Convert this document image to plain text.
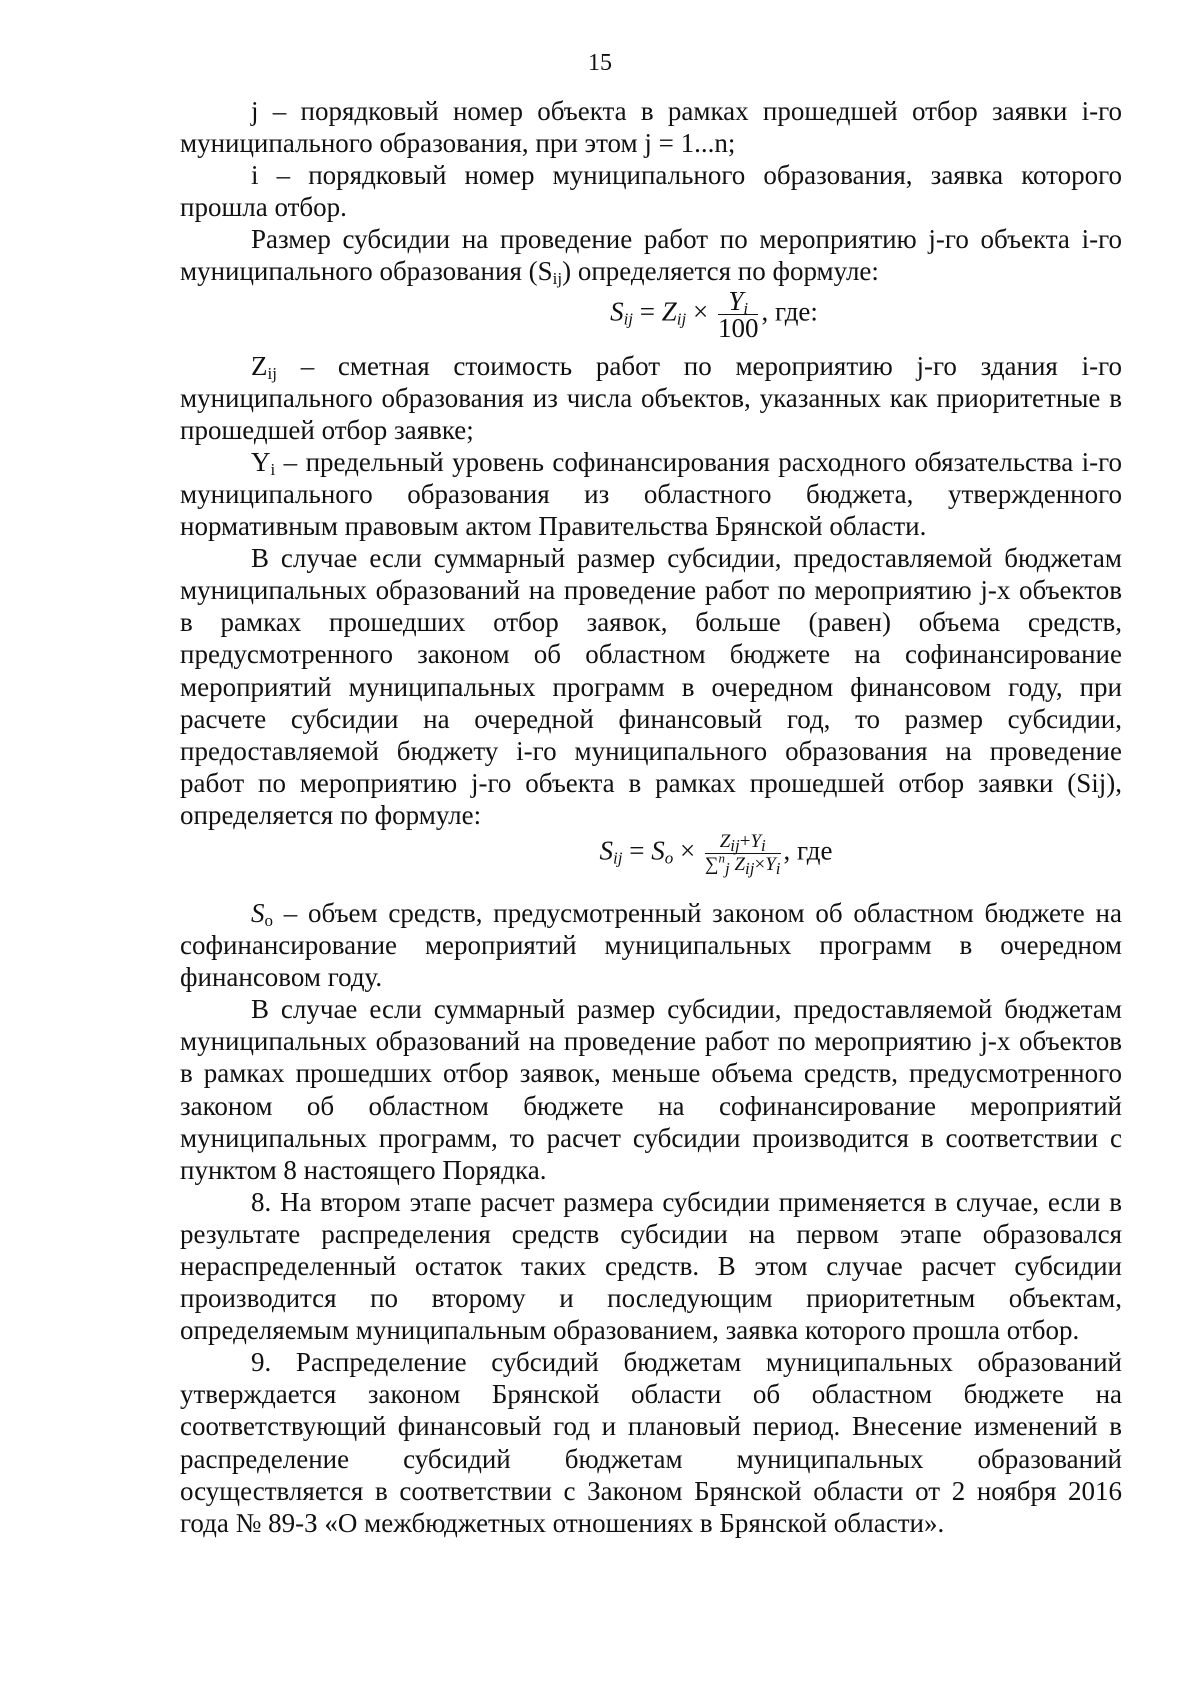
15

j – порядковый номер объекта в рамках прошедшей отбор заявки i-го муниципального образования, при этом j = 1...n;

i – порядковый номер муниципального образования, заявка которого прошла отбор.

Размер субсидии на проведение работ по мероприятию j-го объекта i-го муниципального образования $(S_{ij})$ определяется по формуле:

$S_{ij} = Z_{ij} \times \frac{Y_i}{100}$ , где:

$Z_{ij}$ – сметная стоимость работ по мероприятию j-го здания i-го муниципального образования из числа объектов, указанных как приоритетные в прошедшей отбор заявке;

$Y_i$ – предельный уровень софинансирования расходного обязательства i-го муниципального образования из областного бюджета, утвержденного нормативным правовым актом Правительства Брянской области.

В случае если суммарный размер субсидии, предоставляемой бюджетам муниципальных образований на проведение работ по мероприятию j-х объектов в рамках прошедших отбор заявок, больше (равен) объема средств, предусмотренного законом об областном бюджете на софинансирование мероприятий муниципальных программ в очередном финансовом году, при расчете субсидии на очередной финансовый год, то размер субсидии, предоставляемой бюджету i-го муниципального образования на проведение работ по мероприятию j-го объекта в рамках прошедшей отбор заявки (Sij), определяется по формуле:

$S_{ij} = S_o \times \frac{Z_{ij}+Y_i}{\sum^n_j Z_{ij}\times Y_i}$ , где

$S_o$ – объем средств, предусмотренный законом об областном бюджете на софинансирование мероприятий муниципальных программ в очередном финансовом году.

В случае если суммарный размер субсидии, предоставляемой бюджетам муниципальных образований на проведение работ по мероприятию j-х объектов в рамках прошедших отбор заявок, меньше объема средств, предусмотренного законом об областном бюджете на софинансирование мероприятий муниципальных программ, то расчет субсидии производится в соответствии с пунктом 8 настоящего Порядка.

8. На втором этапе расчет размера субсидии применяется в случае, если в результате распределения средств субсидии на первом этапе образовался нераспределенный остаток таких средств. В этом случае расчет субсидии производится по второму и последующим приоритетным объектам, определяемым муниципальным образованием, заявка которого прошла отбор.

9. Распределение субсидий бюджетам муниципальных образований утверждается законом Брянской области об областном бюджете на соответствующий финансовый год и плановый период. Внесение изменений в распределение субсидий бюджетам муниципальных образований осуществляется в соответствии с Законом Брянской области от 2 ноября 2016 года № 89-З «О межбюджетных отношениях в Брянской области».
